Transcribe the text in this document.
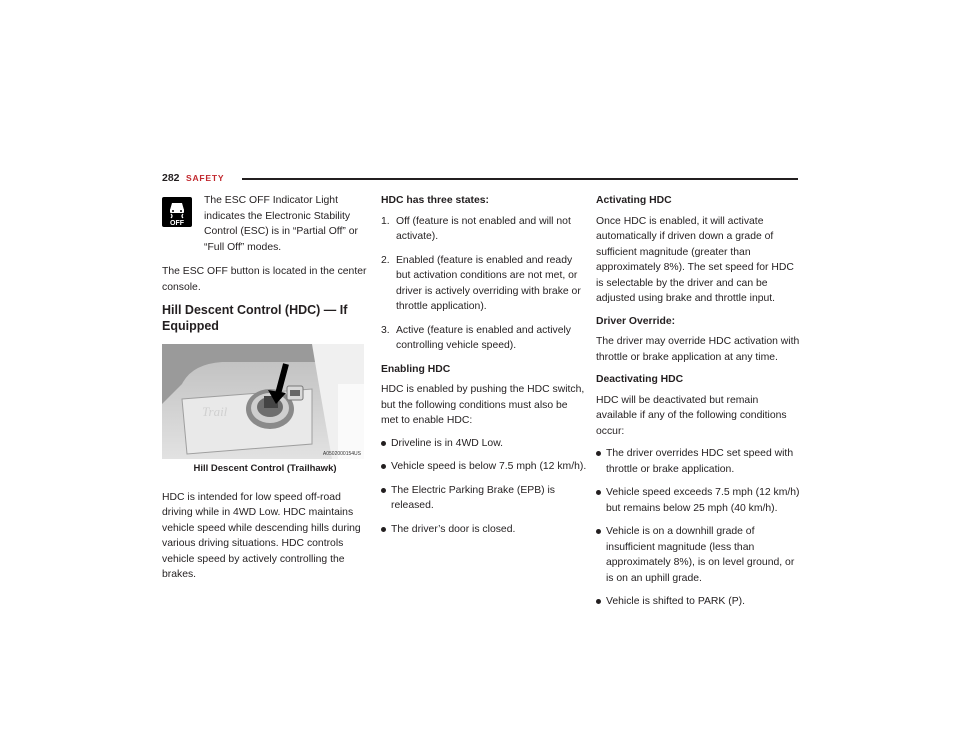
282 SAFETY
OFF

The ESC OFF Indicator Light indicates the Electronic Stability Control (ESC) is in “Partial Off” or “Full Off” modes.

The ESC OFF button is located in the center console.

Hill Descent Control (HDC) — If Equipped
Trail
A0502000154US
Hill Descent Control (Trailhawk)

HDC is intended for low speed off-road driving while in 4WD Low. HDC maintains vehicle speed while descending hills during various driving situations. HDC controls vehicle speed by actively controlling the brakes.

HDC has three states:
1. Off (feature is not enabled and will not activate).
2. Enabled (feature is enabled and ready but activation conditions are not met, or driver is actively overriding with brake or throttle application).
3. Active (feature is enabled and actively controlling vehicle speed).
Enabling HDC

HDC is enabled by pushing the HDC switch, but the following conditions must also be met to enable HDC:

Driveline is in 4WD Low.
Vehicle speed is below 7.5 mph (12 km/h).
The Electric Parking Brake (EPB) is released.
The driver’s door is closed.
Activating HDC

Once HDC is enabled, it will activate automatically if driven down a grade of sufficient magnitude (greater than approximately 8%). The set speed for HDC is selectable by the driver and can be adjusted using brake and throttle input.

Driver Override:

The driver may override HDC activation with throttle or brake application at any time.

Deactivating HDC

HDC will be deactivated but remain available if any of the following conditions occur:

The driver overrides HDC set speed with throttle or brake application.
Vehicle speed exceeds 7.5 mph (12 km/h) but remains below 25 mph (40 km/h).
Vehicle is on a downhill grade of insufficient magnitude (less than approximately 8%), is on level ground, or is on an uphill grade.
Vehicle is shifted to PARK (P).
